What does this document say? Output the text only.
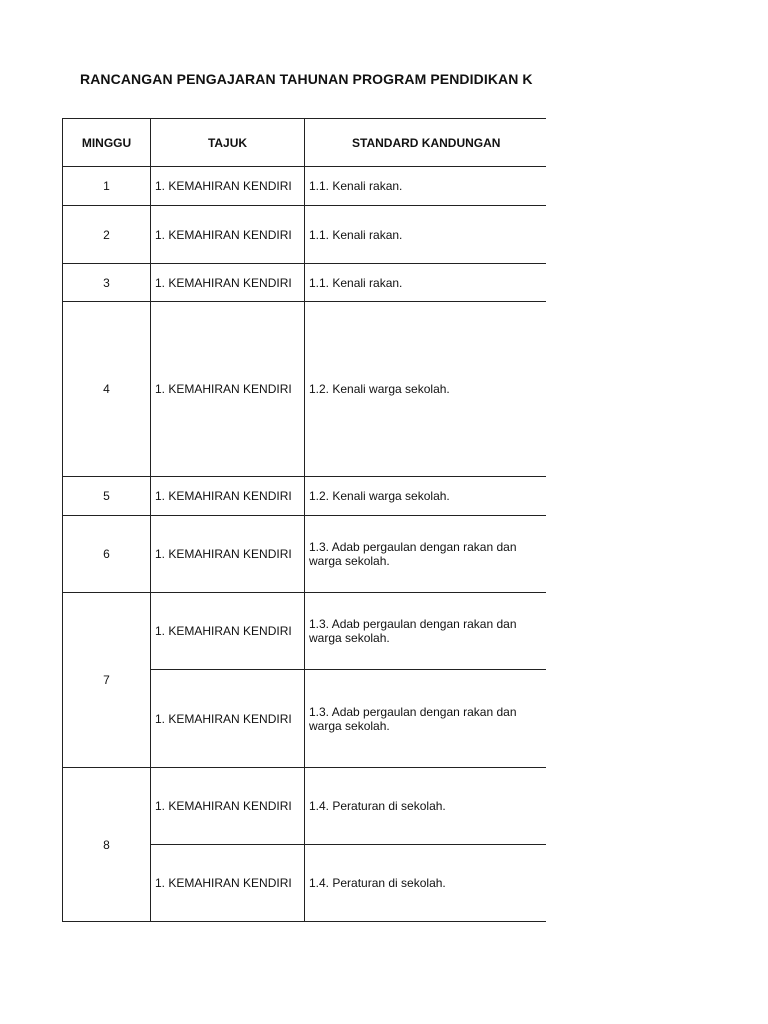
RANCANGAN PENGAJARAN TAHUNAN PROGRAM PENDIDIKAN K
MINGGU	TAJUK	STANDARD KANDUNGAN
1	1. KEMAHIRAN KENDIRI	1.1. Kenali rakan.

2	1. KEMAHIRAN KENDIRI	1.1. Kenali rakan.

3	1. KEMAHIRAN KENDIRI	1.1. Kenali rakan.

4	1. KEMAHIRAN KENDIRI	1.2. Kenali warga sekolah.

5	1. KEMAHIRAN KENDIRI	1.2. Kenali warga sekolah.

6	1. KEMAHIRAN KENDIRI	1.3. Adab pergaulan dengan rakan dan warga sekolah.

7	1. KEMAHIRAN KENDIRI	1.3. Adab pergaulan dengan rakan dan warga sekolah.

	1. KEMAHIRAN KENDIRI	1.3. Adab pergaulan dengan rakan dan warga sekolah.

8	1. KEMAHIRAN KENDIRI	1.4. Peraturan di sekolah.

	1. KEMAHIRAN KENDIRI	1.4. Peraturan di sekolah.
